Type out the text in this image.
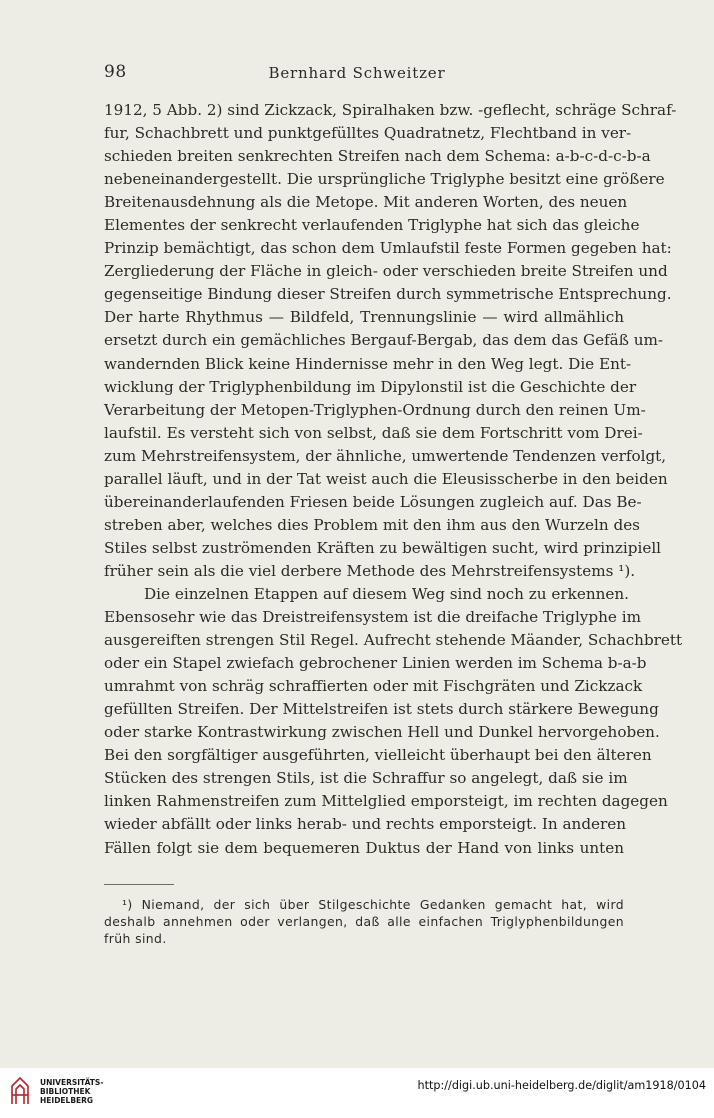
98	Bernhard Schweitzer
1912, 5 Abb. 2) sind Zickzack, Spiralhaken bzw. -geflecht, schräge Schraf-
fur, Schachbrett und punktgefülltes Quadratnetz, Flechtband in ver-
schieden breiten senkrechten Streifen nach dem Schema: a-b-c-d-c-b-a
nebeneinandergestellt. Die ursprüngliche Triglyphe besitzt eine größere
Breitenausdehnung als die Metope. Mit anderen Worten, des neuen
Elementes der senkrecht verlaufenden Triglyphe hat sich das gleiche
Prinzip bemächtigt, das schon dem Umlaufstil feste Formen gegeben hat:
Zergliederung der Fläche in gleich- oder verschieden breite Streifen und
gegenseitige Bindung dieser Streifen durch symmetrische Entsprechung.
Der harte Rhythmus — Bildfeld, Trennungslinie — wird allmählich
ersetzt durch ein gemächliches Bergauf-Bergab, das dem das Gefäß um-
wandernden Blick keine Hindernisse mehr in den Weg legt. Die Ent-
wicklung der Triglyphenbildung im Dipylonstil ist die Geschichte der
Verarbeitung der Metopen-Triglyphen-Ordnung durch den reinen Um-
laufstil. Es versteht sich von selbst, daß sie dem Fortschritt vom Drei-
zum Mehrstreifensystem, der ähnliche, umwertende Tendenzen verfolgt,
parallel läuft, und in der Tat weist auch die Eleusisscherbe in den beiden
übereinanderlaufenden Friesen beide Lösungen zugleich auf. Das Be-
streben aber, welches dies Problem mit den ihm aus den Wurzeln des
Stiles selbst zuströmenden Kräften zu bewältigen sucht, wird prinzipiell
früher sein als die viel derbere Methode des Mehrstreifensystems ¹).
Die einzelnen Etappen auf diesem Weg sind noch zu erkennen.
Ebensosehr wie das Dreistreifensystem ist die dreifache Triglyphe im
ausgereiften strengen Stil Regel. Aufrecht stehende Mäander, Schachbrett
oder ein Stapel zwiefach gebrochener Linien werden im Schema b-a-b
umrahmt von schräg schraffierten oder mit Fischgräten und Zickzack
gefüllten Streifen. Der Mittelstreifen ist stets durch stärkere Bewegung
oder starke Kontrastwirkung zwischen Hell und Dunkel hervorgehoben.
Bei den sorgfältiger ausgeführten, vielleicht überhaupt bei den älteren
Stücken des strengen Stils, ist die Schraffur so angelegt, daß sie im
linken Rahmenstreifen zum Mittelglied emporsteigt, im rechten dagegen
wieder abfällt oder links herab- und rechts emporsteigt. In anderen
Fällen folgt sie dem bequemeren Duktus der Hand von links unten
¹) Niemand, der sich über Stilgeschichte Gedanken gemacht hat, wird
deshalb annehmen oder verlangen, daß alle einfachen Triglyphenbildungen
früh sind.
UNIVERSITÄTS-
BIBLIOTHEK
HEIDELBERG
http://digi.ub.uni-heidelberg.de/diglit/am1918/0104
